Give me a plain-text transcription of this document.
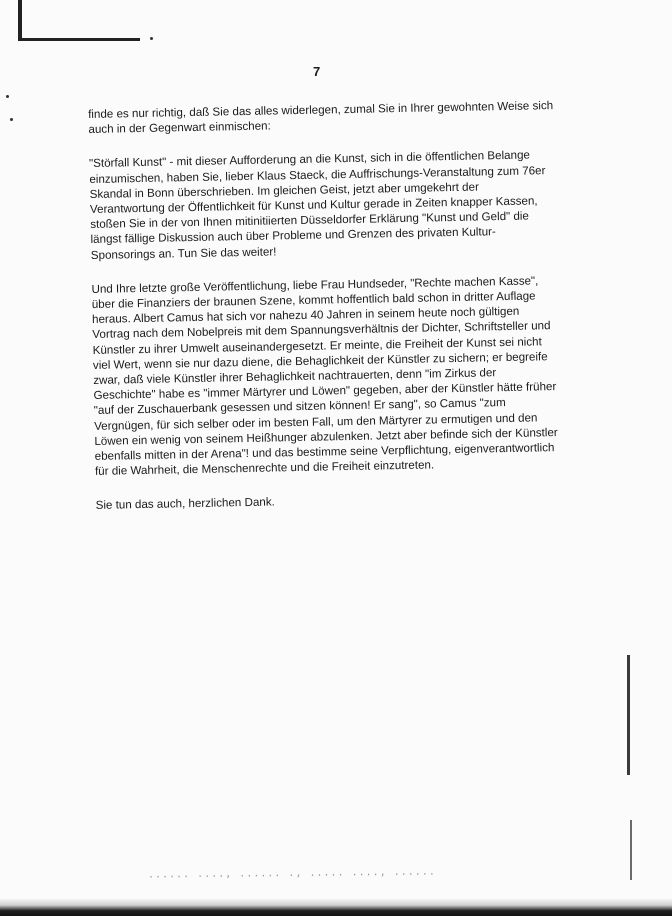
7

finde es nur richtig, daß Sie das alles widerlegen, zumal Sie in Ihrer gewohnten Weise sich auch in der Gegenwart einmischen:

"Störfall Kunst" - mit dieser Aufforderung an die Kunst, sich in die öffentlichen Belange einzumischen, haben Sie, lieber Klaus Staeck, die Auffrischungs-Veranstaltung zum 76er Skandal in Bonn überschrieben. Im gleichen Geist, jetzt aber umgekehrt der Verantwortung der Öffentlichkeit für Kunst und Kultur gerade in Zeiten knapper Kassen, stoßen Sie in der von Ihnen mitinitiierten Düsseldorfer Erklärung "Kunst und Geld" die längst fällige Diskussion auch über Probleme und Grenzen des privaten Kultur-Sponsorings an. Tun Sie das weiter!

Und Ihre letzte große Veröffentlichung, liebe Frau Hundseder, "Rechte machen Kasse", über die Finanziers der braunen Szene, kommt hoffentlich bald schon in dritter Auflage heraus. Albert Camus hat sich vor nahezu 40 Jahren in seinem heute noch gültigen Vortrag nach dem Nobelpreis mit dem Spannungsverhältnis der Dichter, Schriftsteller und Künstler zu ihrer Umwelt auseinandergesetzt. Er meinte, die Freiheit der Kunst sei nicht viel Wert, wenn sie nur dazu diene, die Behaglichkeit der Künstler zu sichern; er begreife zwar, daß viele Künstler ihrer Behaglichkeit nachtrauerten, denn "im Zirkus der Geschichte" habe es "immer Märtyrer und Löwen" gegeben, aber der Künstler hätte früher "auf der Zuschauerbank gesessen und sitzen können! Er sang", so Camus "zum Vergnügen, für sich selber oder im besten Fall, um den Märtyrer zu ermutigen und den Löwen ein wenig von seinem Heißhunger abzulenken. Jetzt aber befinde sich der Künstler ebenfalls mitten in der Arena"! und das bestimme seine Verpflichtung, eigenverantwortlich für die Wahrheit, die Menschenrechte und die Freiheit einzutreten.

Sie tun das auch, herzlichen Dank.

...... ...., ...... ., ..... ...., ......
